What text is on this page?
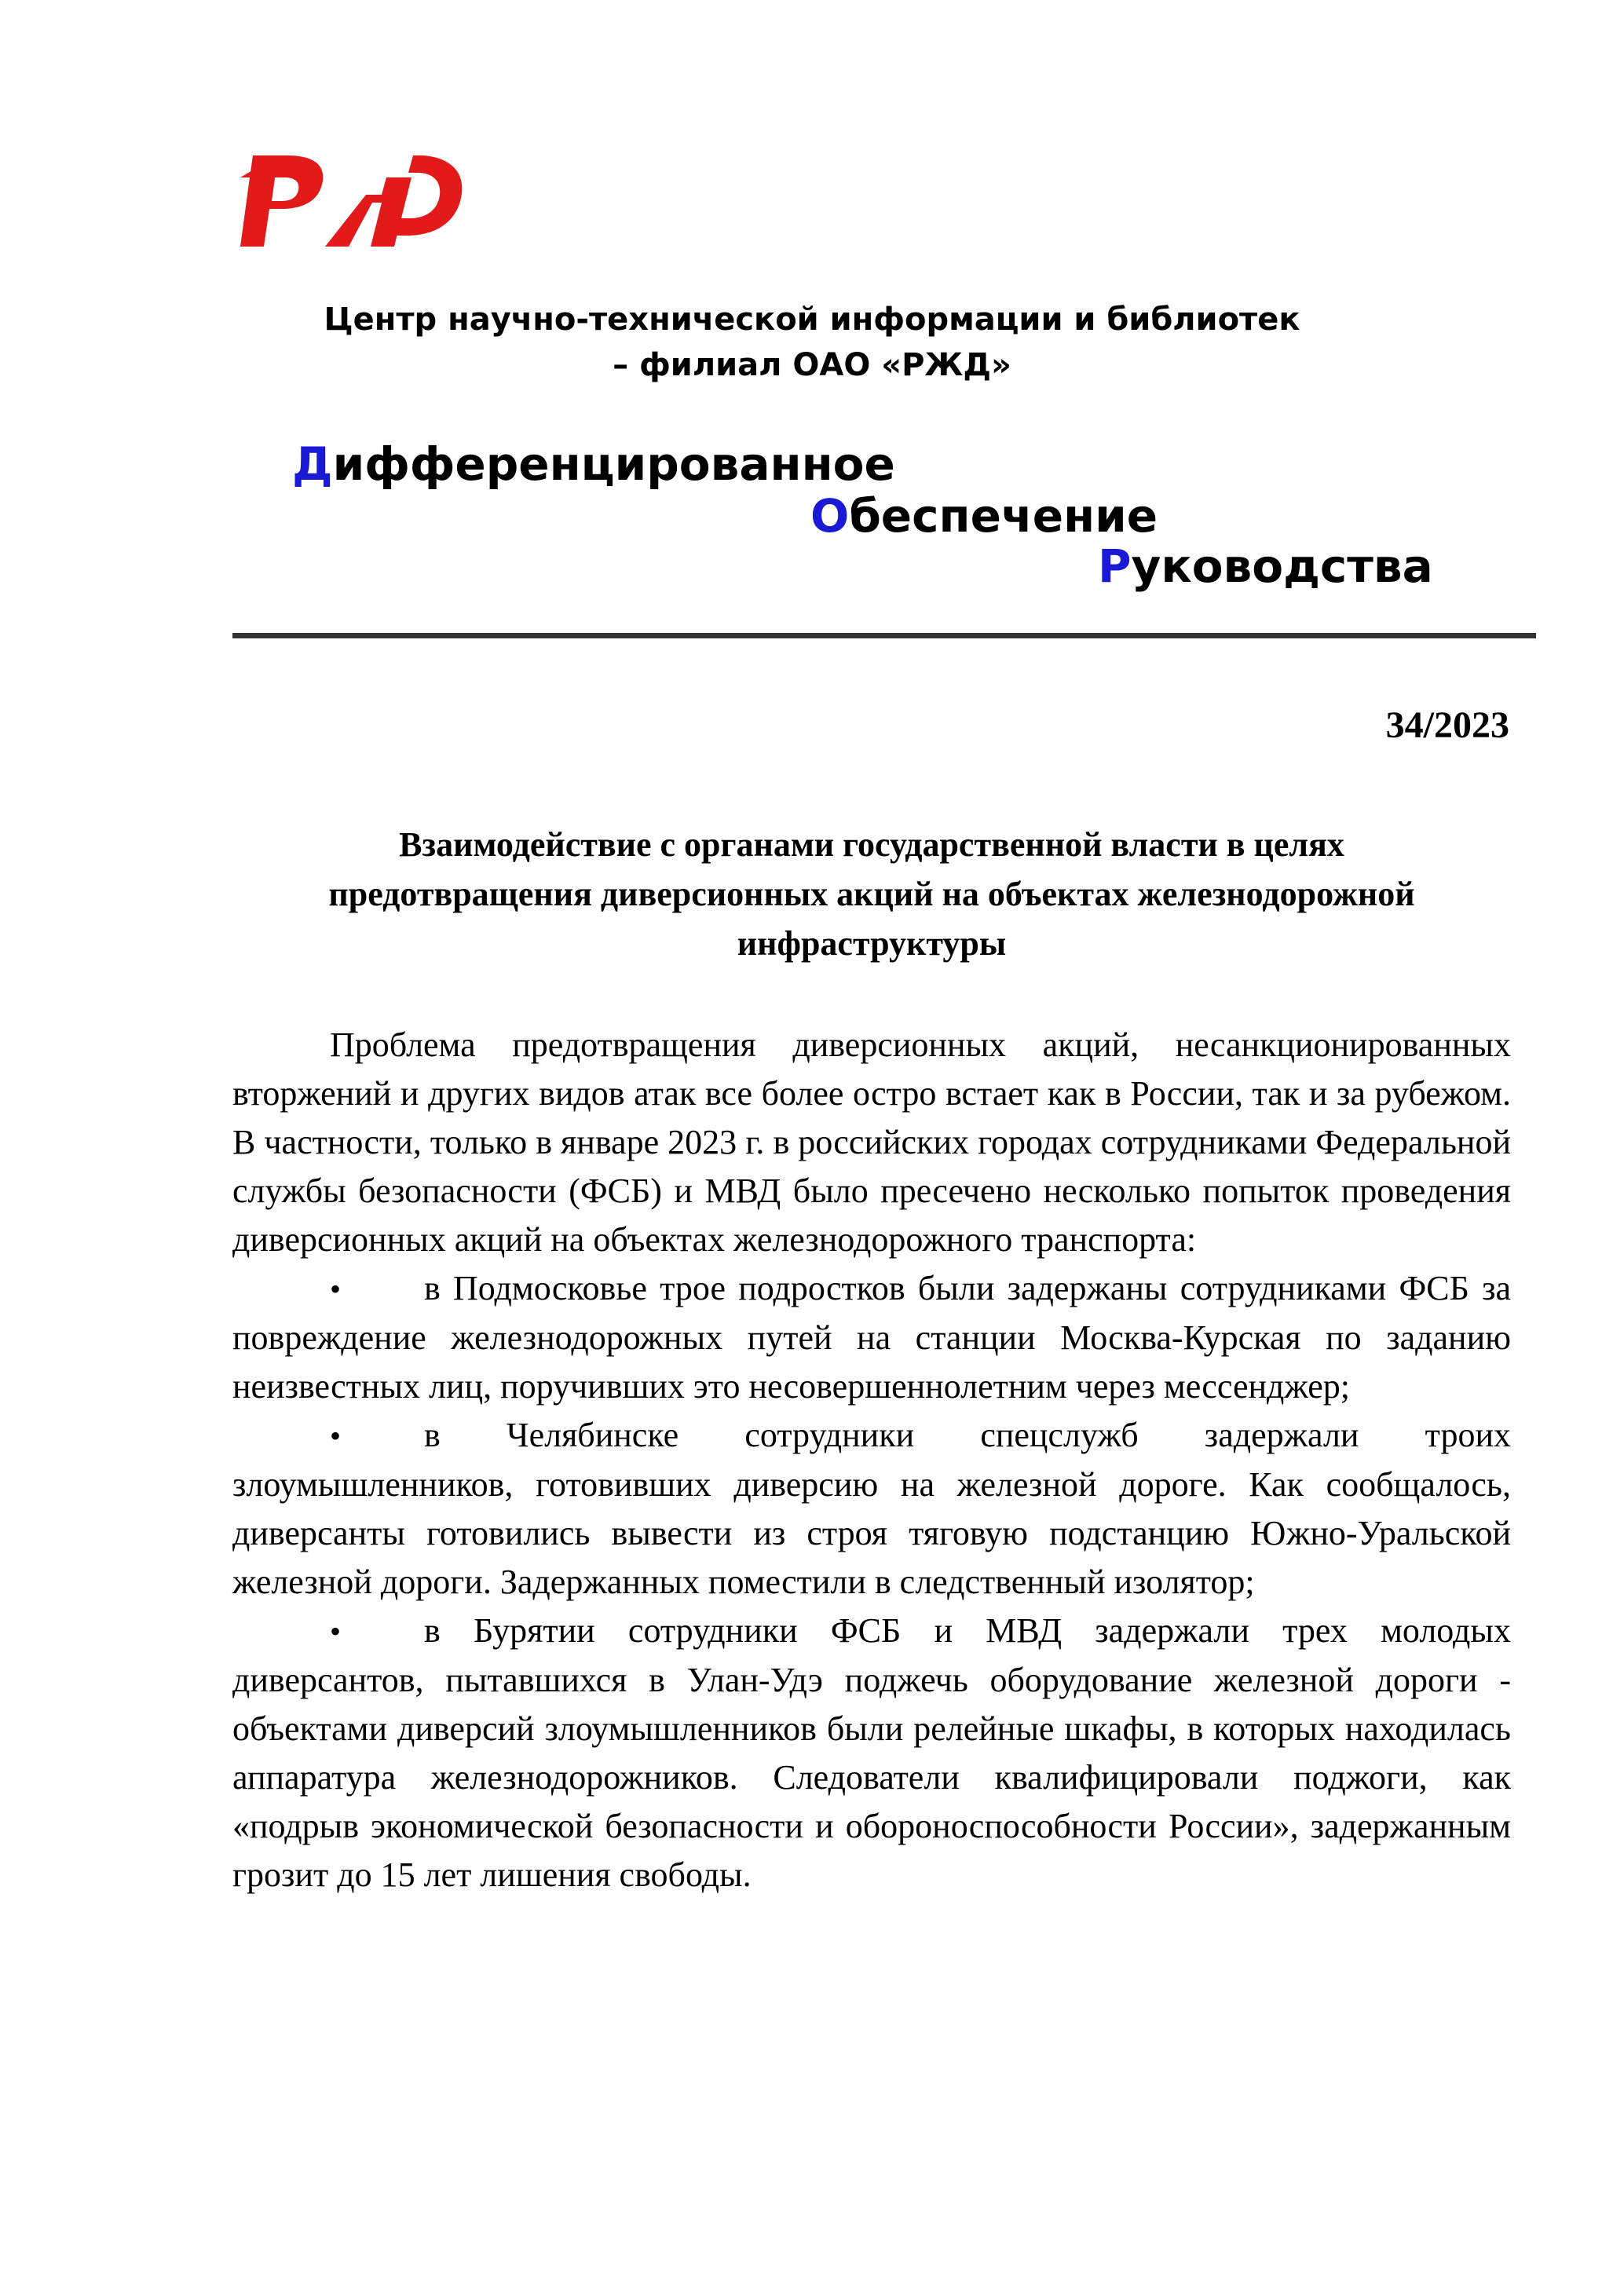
Центр научно-технической информации и библиотек
– филиал ОАО «РЖД»
Дифференцированное
Обеспечение
Руководства
34/2023
Взаимодействие с органами государственной власти в целях
предотвращения диверсионных акций на объектах железнодорожной
инфраструктуры

Проблема предотвращения диверсионных акций, несанкционированных вторжений и других видов атак все более остро встает как в России, так и за рубежом. В частности, только в январе 2023 г. в российских городах сотрудниками Федеральной службы безопасности (ФСБ) и МВД было пресечено несколько попыток проведения диверсионных акций на объектах железнодорожного транспорта:

• в Подмосковье трое подростков были задержаны сотрудниками ФСБ за повреждение железнодорожных путей на станции Москва-Курская по заданию неизвестных лиц, поручивших это несовершеннолетним через мессенджер;

• в Челябинске сотрудники спецслужб задержали троих злоумышленников, готовивших диверсию на железной дороге. Как сообщалось, диверсанты готовились вывести из строя тяговую подстанцию Южно-Уральской железной дороги. Задержанных поместили в следственный изолятор;

• в Бурятии сотрудники ФСБ и МВД задержали трех молодых диверсантов, пытавшихся в Улан-Удэ поджечь оборудование железной дороги - объектами диверсий злоумышленников были релейные шкафы, в которых находилась аппаратура железнодорожников. Следователи квалифицировали поджоги, как «подрыв экономической безопасности и обороноспособности России», задержанным грозит до 15 лет лишения свободы.
